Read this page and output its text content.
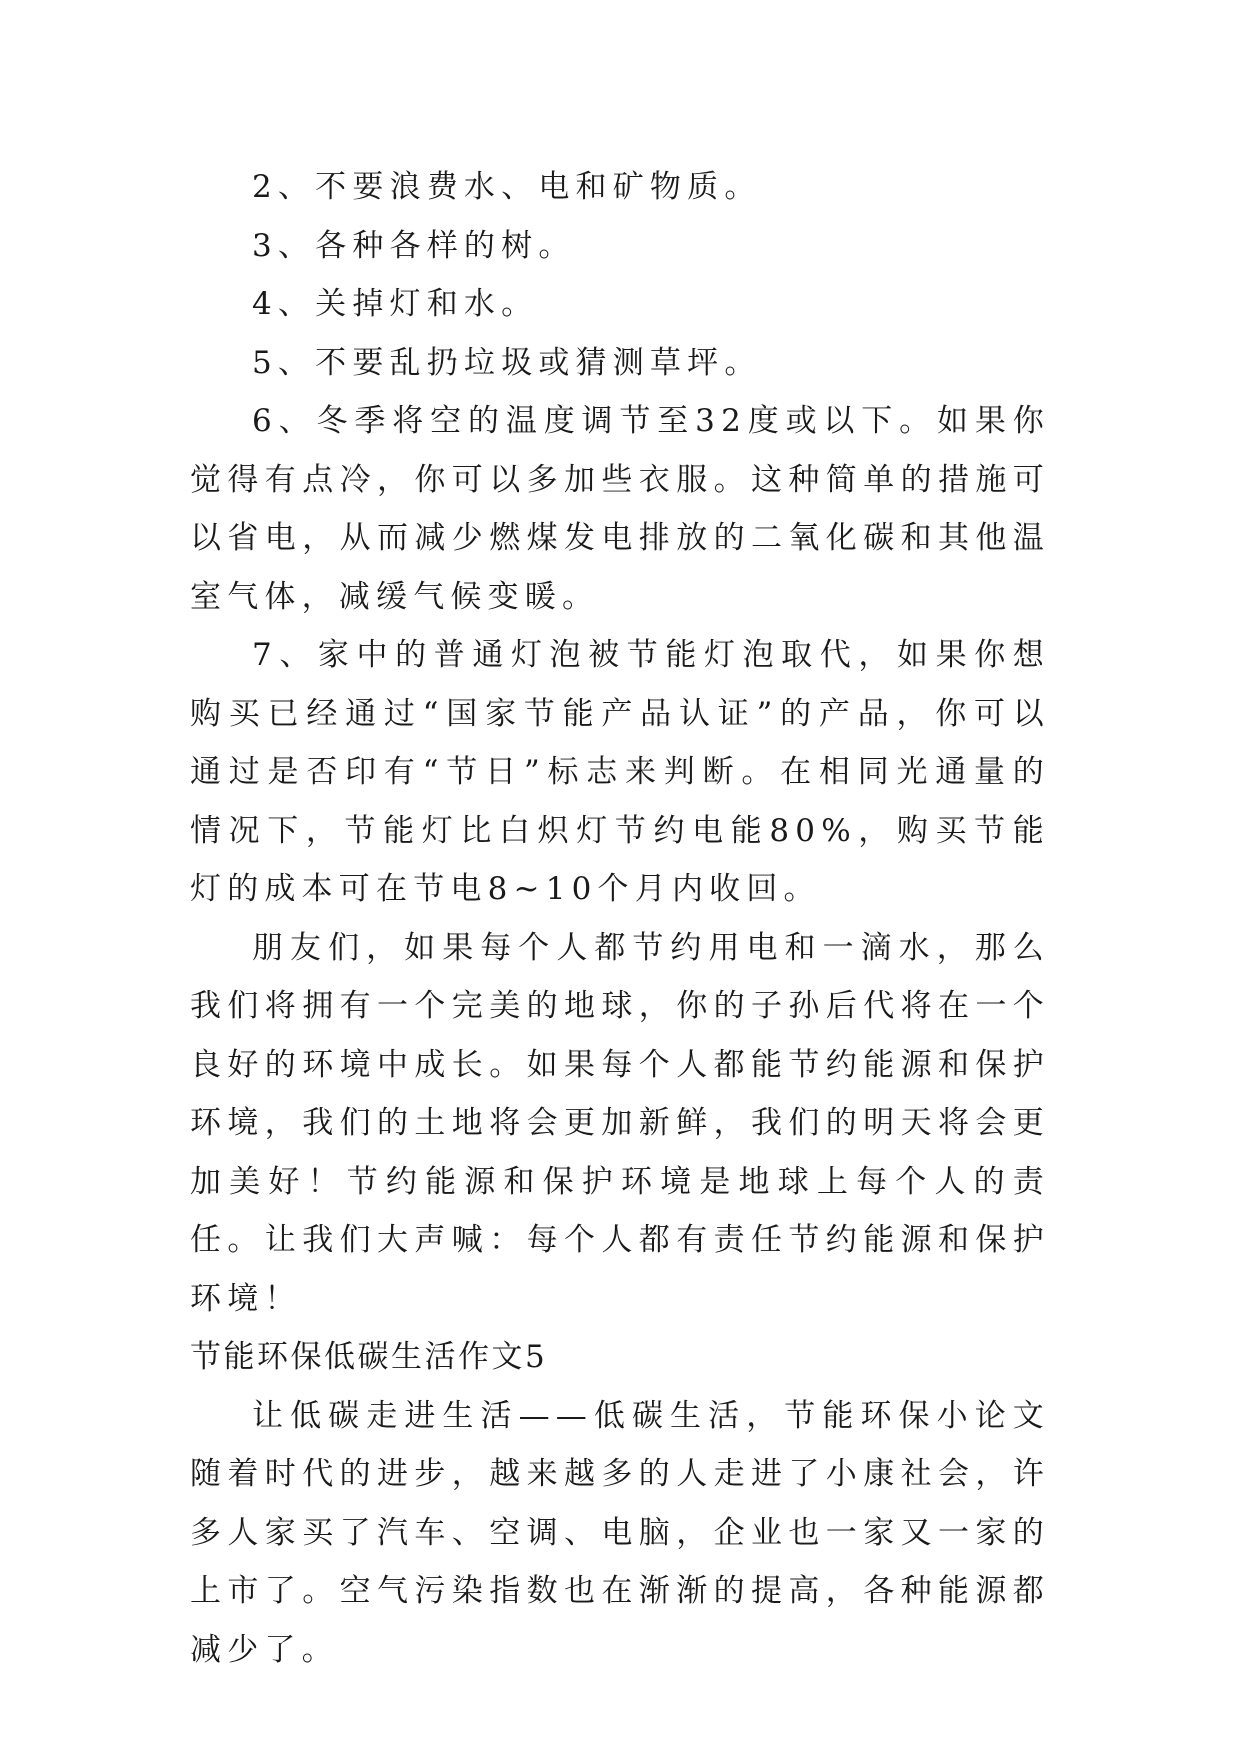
2、不要浪费水、电和矿物质。

3、各种各样的树。

4、关掉灯和水。

5、不要乱扔垃圾或猜测草坪。

6、冬季将空的温度调节至32度或以下。如果你觉得有点冷，你可以多加些衣服。这种简单的措施可以省电，从而减少燃煤发电排放的二氧化碳和其他温室气体，减缓气候变暖。

7、家中的普通灯泡被节能灯泡取代，如果你想购买已经通过“国家节能产品认证”的产品，你可以通过是否印有“节日”标志来判断。在相同光通量的情况下，节能灯比白炽灯节约电能80%，购买节能灯的成本可在节电8~10个月内收回。

朋友们，如果每个人都节约用电和一滴水，那么我们将拥有一个完美的地球，你的子孙后代将在一个良好的环境中成长。如果每个人都能节约能源和保护环境，我们的土地将会更加新鲜，我们的明天将会更加美好！节约能源和保护环境是地球上每个人的责任。让我们大声喊：每个人都有责任节约能源和保护环境！

节能环保低碳生活作文5

让低碳走进生活——低碳生活，节能环保小论文随着时代的进步，越来越多的人走进了小康社会，许多人家买了汽车、空调、电脑，企业也一家又一家的上市了。空气污染指数也在渐渐的提高，各种能源都减少了。
